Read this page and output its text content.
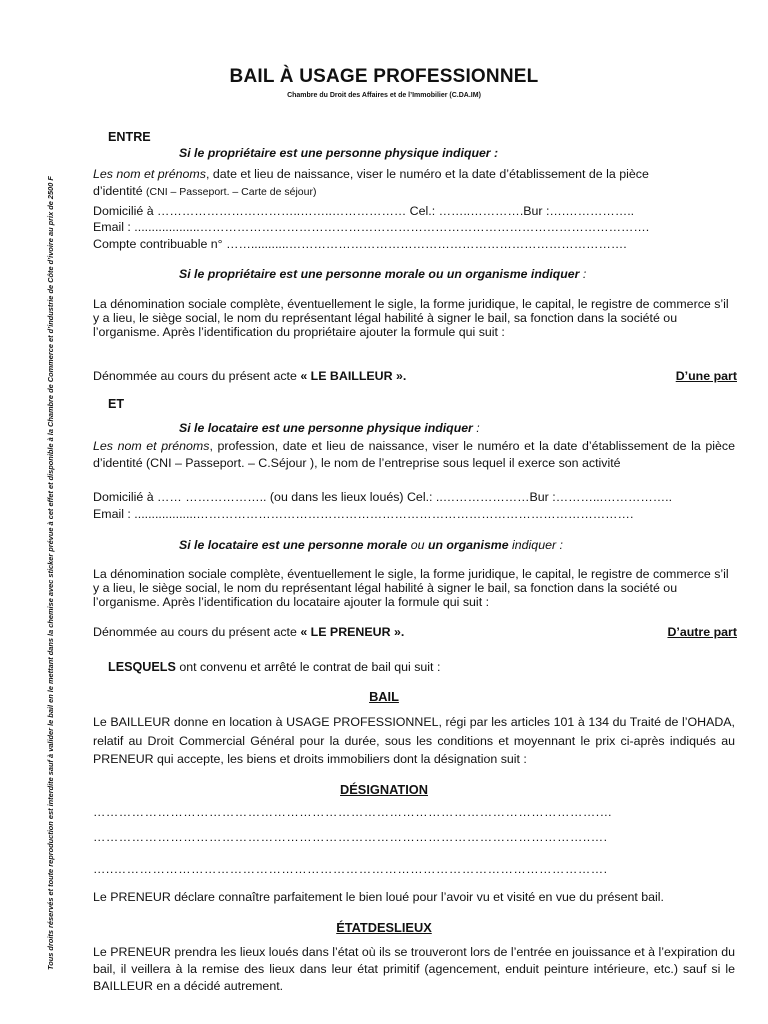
Tous droits réservés et toute reproduction est interdite sauf à valider le bail en le mettant dans la chemise avec sticker prévue à cet effet et disponible à la Chambre de Commerce et d’industrie de Côte d’ivoire au prix de 2500 F
BAIL À USAGE PROFESSIONNEL
Chambre du Droit des Affaires et de l’Immobilier (C.DA.IM)
ENTRE
Si le propriétaire est une personne physique indiquer :
Les nom et prénoms, date et lieu de naissance, viser le numéro et la date d’établissement de la pièce
d’identité (CNI – Passeport. – Carte de séjour)
Domicilié à ……………………………..……..……………… Cel.: ……..………….Bur :….……………..
Email : ...................……………………………………………………………………………………………….
Compte contribuable n° ……...........……………………………………………………………………….
Si le propriétaire est une personne morale ou un organisme indiquer :
La dénomination sociale complète, éventuellement le sigle, la forme juridique, le capital, le registre de commerce s’il y a lieu, le siège social, le nom du représentant légal habilité à signer le bail, sa fonction dans la société ou l’organisme. Après l’identification du propriétaire ajouter la formule qui suit :
Dénommée au cours du présent acte « LE BAILLEUR ».	D’une part
ET
Si le locataire est une personne physique indiquer :
Les nom et prénoms, profession, date et lieu de naissance, viser le numéro et la date d’établissement de la pièce d’identité (CNI – Passeport. – C.Séjour ), le nom de l’entreprise sous lequel il exerce son activité
Domicilié à …… ……………….. (ou dans les lieux loués) Cel.: ..…………………Bur :………...……………..
Email : ..................…………………………………………………………………………………………….
Si le locataire est une personne morale ou un organisme indiquer :
La dénomination sociale complète, éventuellement le sigle, la forme juridique, le capital, le registre de commerce s’il y a lieu, le siège social, le nom du représentant légal habilité à signer le bail, sa fonction dans la société ou l’organisme. Après l’identification du locataire ajouter la formule qui suit :
Dénommée au cours du présent acte « LE PRENEUR ».	D’autre part
LESQUELS ont convenu et arrêté le contrat de bail qui suit :
BAIL
Le BAILLEUR donne en location à USAGE PROFESSIONNEL, régi par les articles 101 à 134 du Traité de l’OHADA, relatif au Droit Commercial Général pour la durée, sous les conditions et moyennant le prix ci-après indiqués au PRENEUR qui accepte, les biens et droits immobiliers dont la désignation suit :
DÉSIGNATION
……………………………………………………………………………………………………….…
……………………………………………………………………………………………………..….
…..…………………………………………………………………………………………………….
Le PRENEUR déclare connaître parfaitement le bien loué pour l’avoir vu et visité en vue du présent bail.
ÉTATDESLIEUX
Le PRENEUR prendra les lieux loués dans l’état où ils se trouveront lors de l’entrée en jouissance et à l’expiration du bail, il veillera à la remise des lieux dans leur état primitif (agencement, enduit peinture intérieure, etc.) sauf si le BAILLEUR en a décidé autrement.
